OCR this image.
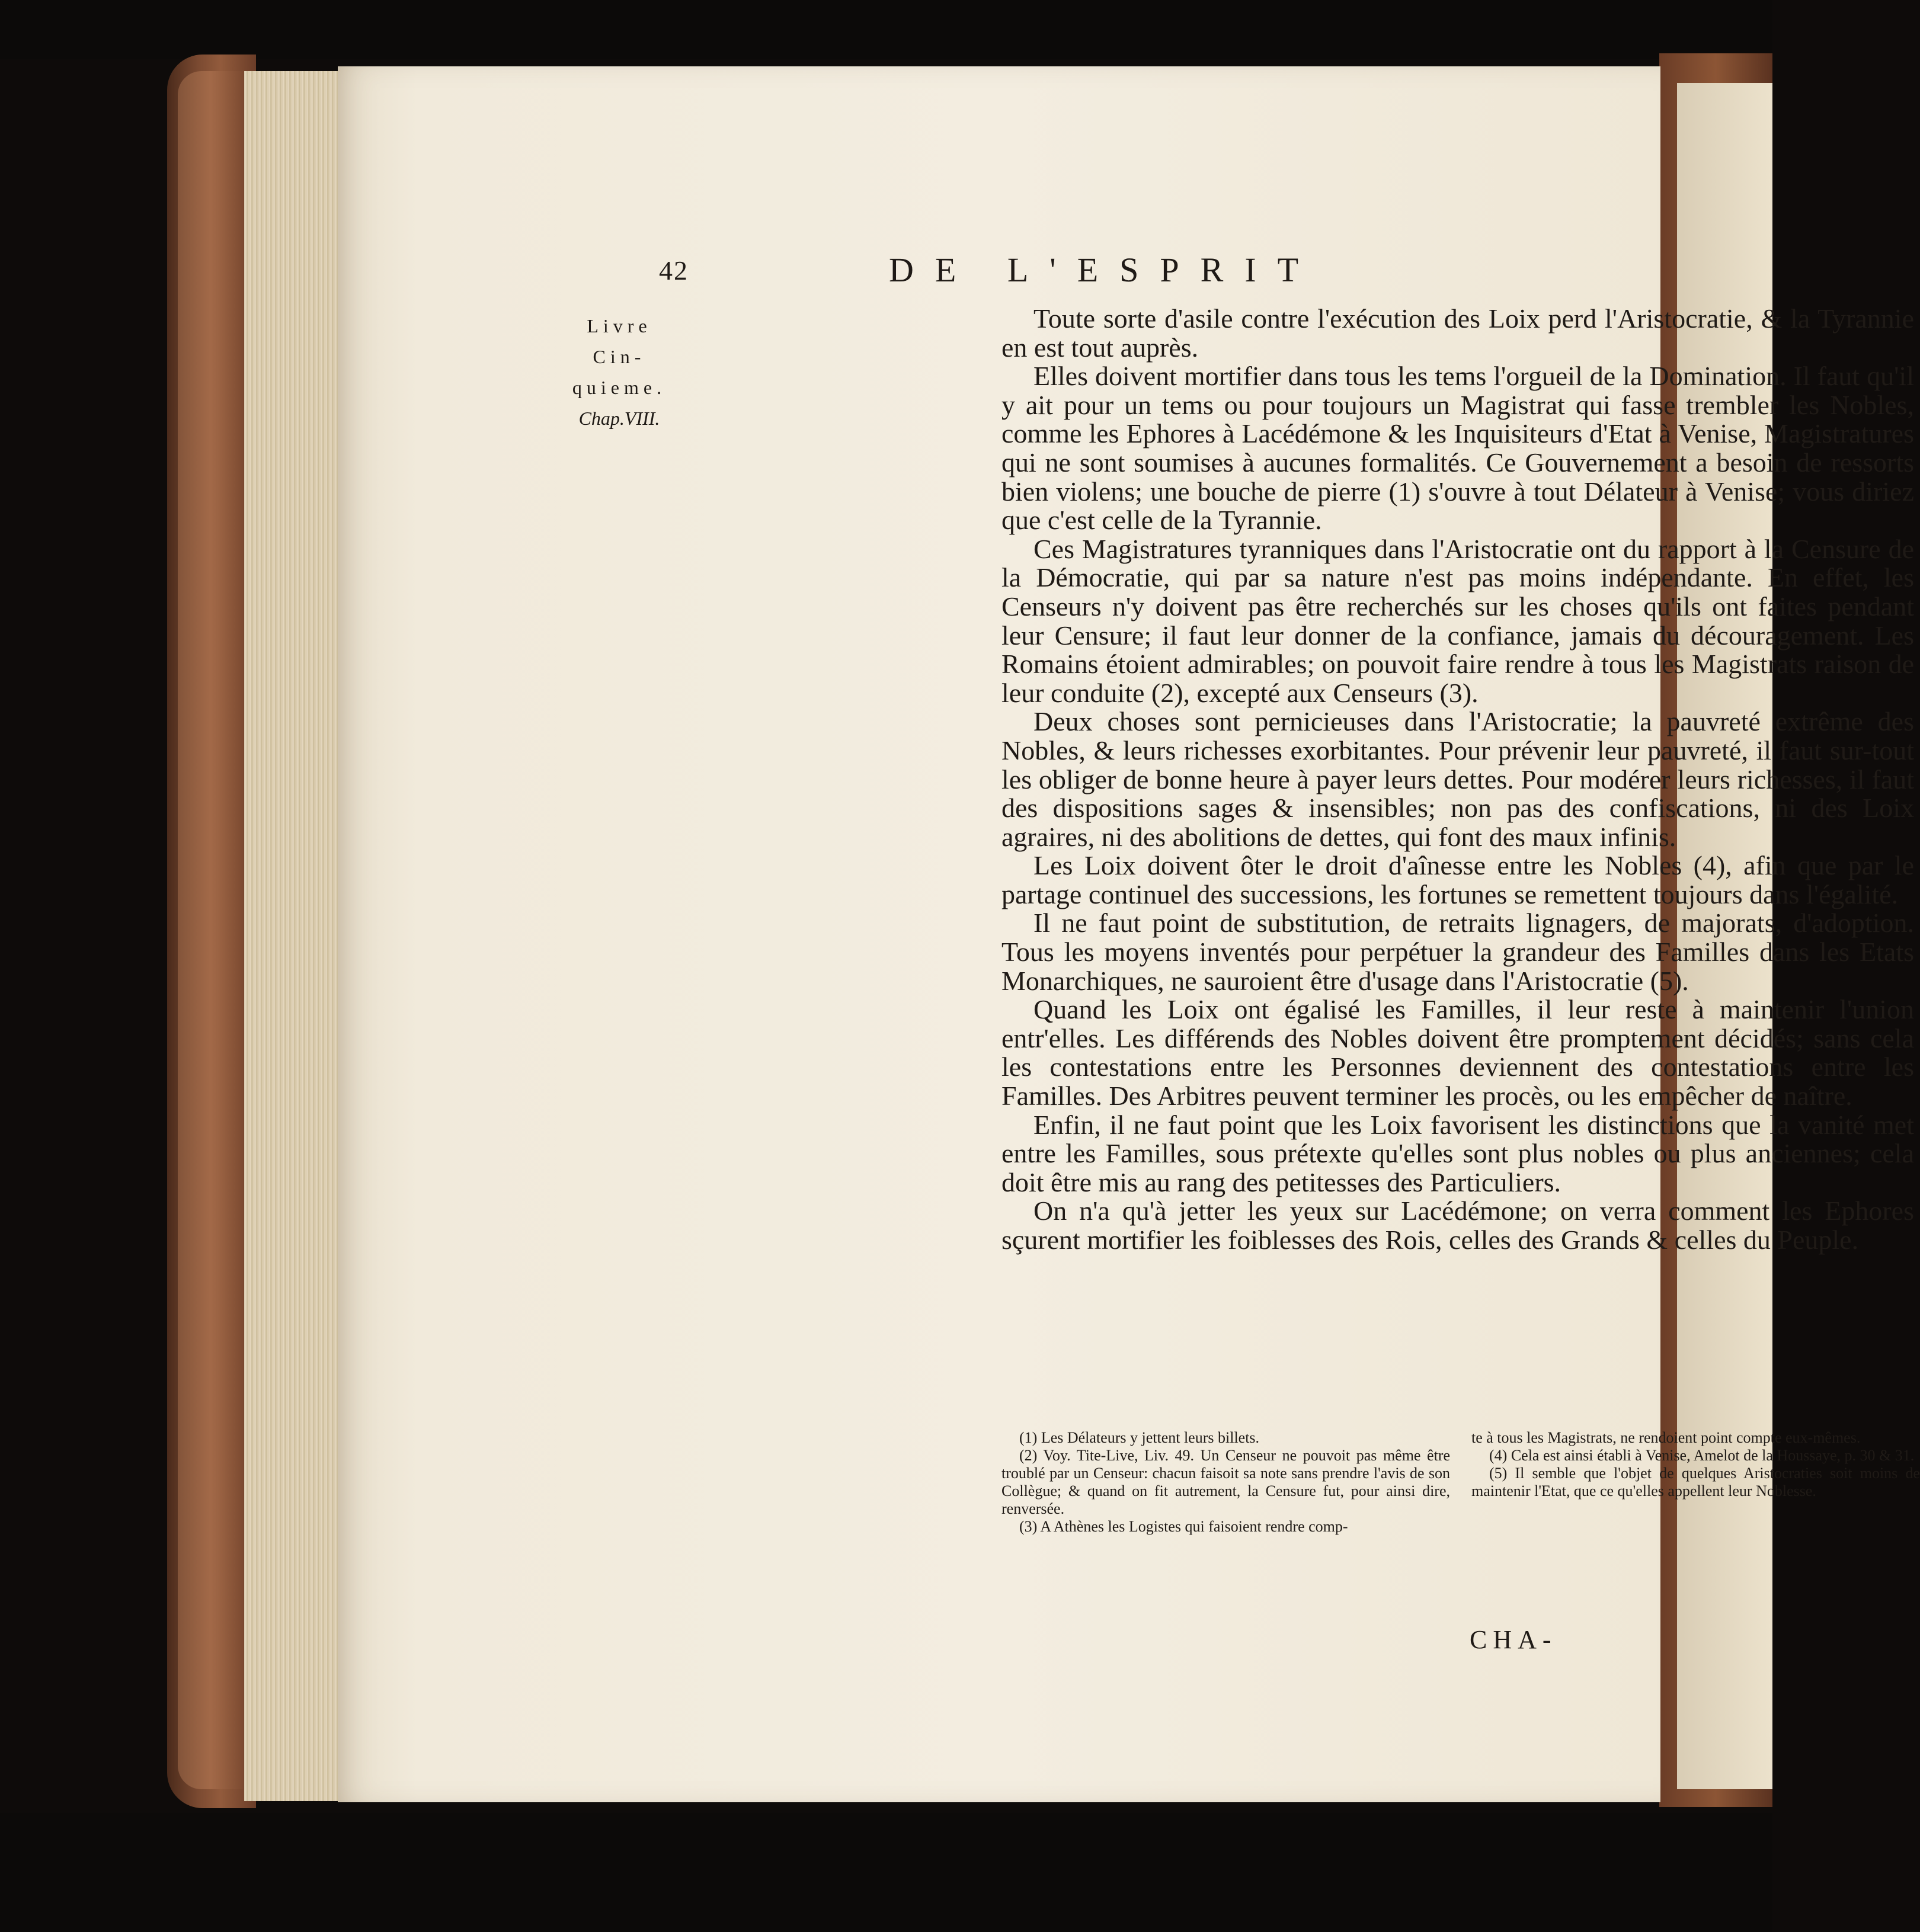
42	DE L'ESPRIT
Livre
Cin-
quieme.
Chap.VIII.

Toute sorte d'asile contre l'exécution des Loix perd l'Aristocratie, & la Tyrannie en est tout auprès.

Elles doivent mortifier dans tous les tems l'orgueil de la Domination. Il faut qu'il y ait pour un tems ou pour toujours un Magistrat qui fasse trembler les Nobles, comme les Ephores à Lacédémone & les Inquisiteurs d'Etat à Venise, Magistratures qui ne sont soumises à aucunes formalités. Ce Gouvernement a besoin de ressorts bien violens; une bouche de pierre (1) s'ouvre à tout Délateur à Venise; vous diriez que c'est celle de la Tyrannie.

Ces Magistratures tyranniques dans l'Aristocratie ont du rapport à la Censure de la Démocratie, qui par sa nature n'est pas moins indépendante. En effet, les Censeurs n'y doivent pas être recherchés sur les choses qu'ils ont faites pendant leur Censure; il faut leur donner de la confiance, jamais du découragement. Les Romains étoient admirables; on pouvoit faire rendre à tous les Magistrats raison de leur conduite (2), excepté aux Censeurs (3).

Deux choses sont pernicieuses dans l'Aristocratie; la pauvreté extrême des Nobles, & leurs richesses exorbitantes. Pour prévenir leur pauvreté, il faut sur-tout les obliger de bonne heure à payer leurs dettes. Pour modérer leurs richesses, il faut des dispositions sages & insensibles; non pas des confiscations, ni des Loix agraires, ni des abolitions de dettes, qui font des maux infinis.

Les Loix doivent ôter le droit d'aînesse entre les Nobles (4), afin que par le partage continuel des successions, les fortunes se remettent toujours dans l'égalité.

Il ne faut point de substitution, de retraits lignagers, de majorats, d'adoption. Tous les moyens inventés pour perpétuer la grandeur des Familles dans les Etats Monarchiques, ne sauroient être d'usage dans l'Aristocratie (5).

Quand les Loix ont égalisé les Familles, il leur reste à maintenir l'union entr'elles. Les différends des Nobles doivent être promptement décidés; sans cela les contestations entre les Personnes deviennent des contestations entre les Familles. Des Arbitres peuvent terminer les procès, ou les empêcher de naître.

Enfin, il ne faut point que les Loix favorisent les distinctions que la vanité met entre les Familles, sous prétexte qu'elles sont plus nobles ou plus anciennes; cela doit être mis au rang des petitesses des Particuliers.

On n'a qu'à jetter les yeux sur Lacédémone; on verra comment les Ephores sçurent mortifier les foiblesses des Rois, celles des Grands & celles du Peuple.

(1) Les Délateurs y jettent leurs billets.

(2) Voy. Tite-Live, Liv. 49. Un Censeur ne pouvoit pas même être troublé par un Censeur: chacun faisoit sa note sans prendre l'avis de son Collègue; & quand on fit autrement, la Censure fut, pour ainsi dire, renversée.

(3) A Athènes les Logistes qui faisoient rendre comp-

te à tous les Magistrats, ne rendoient point compte eux-mêmes.

(4) Cela est ainsi établi à Venise, Amelot de la Houssaye, p. 30 & 31.

(5) Il semble que l'objet de quelques Aristocraties soit moins de maintenir l'Etat, que ce qu'elles appellent leur Noblesse.

CHA-
